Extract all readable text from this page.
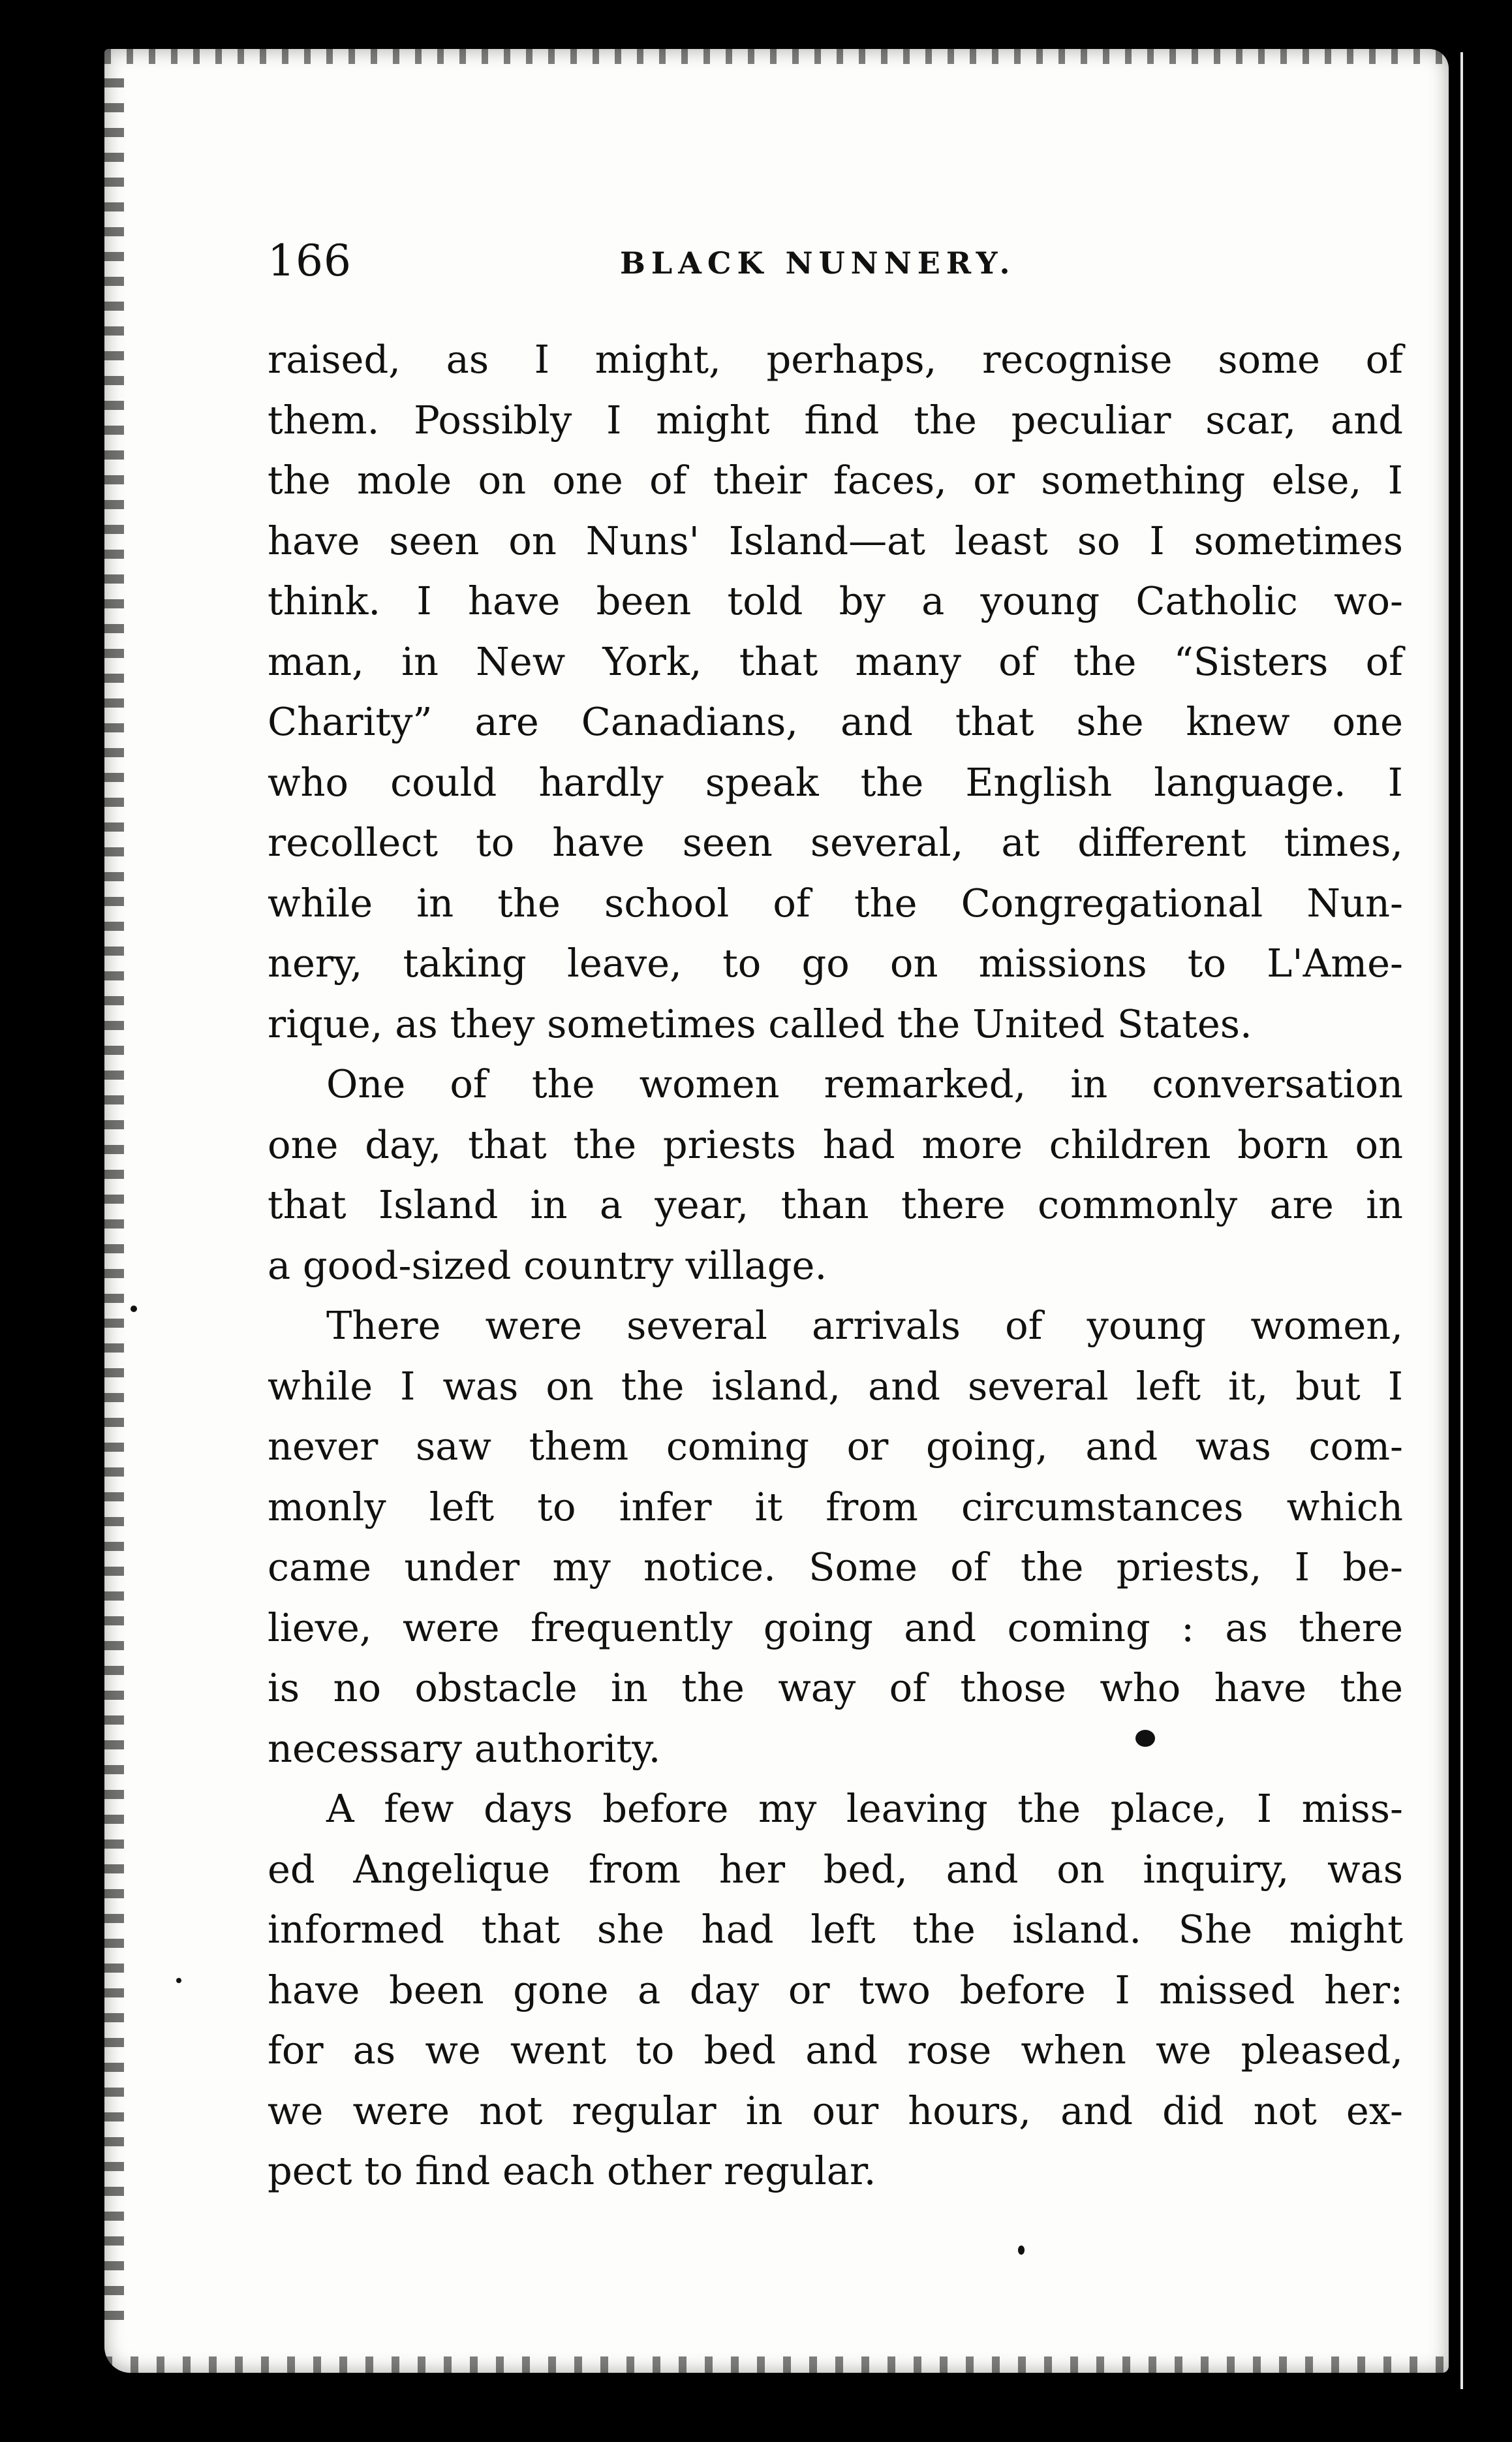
166	BLACK NUNNERY.
raised, as I might, perhaps, recognise some of
them. Possibly I might find the peculiar scar, and
the mole on one of their faces, or something else, I
have seen on Nuns' Island—at least so I sometimes
think. I have been told by a young Catholic wo-
man, in New York, that many of the “Sisters of
Charity” are Canadians, and that she knew one
who could hardly speak the English language. I
recollect to have seen several, at different times,
while in the school of the Congregational Nun-
nery, taking leave, to go on missions to L'Ame-
rique, as they sometimes called the United States.
One of the women remarked, in conversation
one day, that the priests had more children born on
that Island in a year, than there commonly are in
a good-sized country village.
There were several arrivals of young women,
while I was on the island, and several left it, but I
never saw them coming or going, and was com-
monly left to infer it from circumstances which
came under my notice. Some of the priests, I be-
lieve, were frequently going and coming : as there
is no obstacle in the way of those who have the
necessary authority.
A few days before my leaving the place, I miss-
ed Angelique from her bed, and on inquiry, was
informed that she had left the island. She might
have been gone a day or two before I missed her:
for as we went to bed and rose when we pleased,
we were not regular in our hours, and did not ex-
pect to find each other regular.
